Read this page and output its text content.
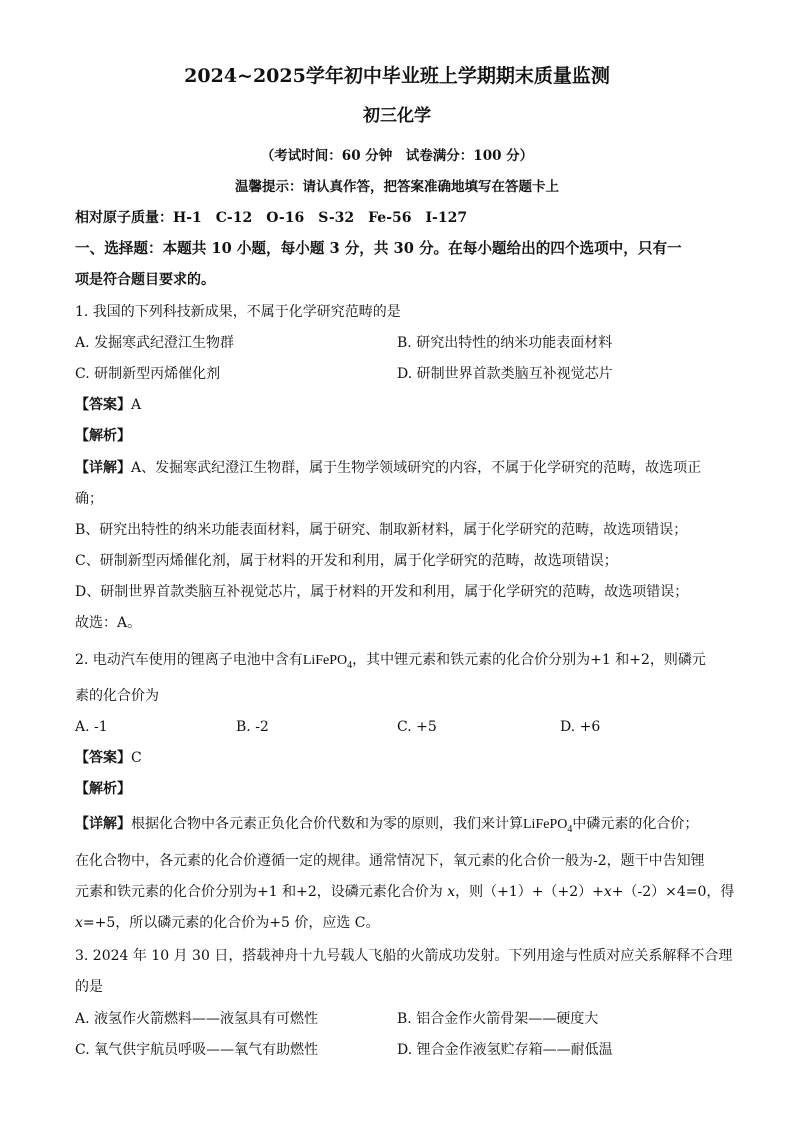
2024~2025学年初中毕业班上学期期末质量监测
初三化学
（考试时间：60 分钟　试卷满分：100 分）
温馨提示：请认真作答，把答案准确地填写在答题卡上
相对原子质量：H-1　C-12　O-16　S-32　Fe-56　I-127
一、选择题：本题共 10 小题，每小题 3 分，共 30 分。在每小题给出的四个选项中，只有一
项是符合题目要求的。
1. 我国的下列科技新成果，不属于化学研究范畴的是
A. 发掘寒武纪澄江生物群	B. 研究出特性的纳米功能表面材料
C. 研制新型丙烯催化剂	D. 研制世界首款类脑互补视觉芯片
【答案】A
【解析】
【详解】A、发掘寒武纪澄江生物群，属于生物学领域研究的内容，不属于化学研究的范畴，故选项正
确；
B、研究出特性的纳米功能表面材料，属于研究、制取新材料，属于化学研究的范畴，故选项错误；
C、研制新型丙烯催化剂，属于材料的开发和利用，属于化学研究的范畴，故选项错误；
D、研制世界首款类脑互补视觉芯片，属于材料的开发和利用，属于化学研究的范畴，故选项错误；
故选：A。
2. 电动汽车使用的锂离子电池中含有LiFePO$_4$，其中锂元素和铁元素的化合价分别为+1 和+2，则磷元
素的化合价为
A. -1	B. -2	C. +5	D. +6
【答案】C
【解析】
【详解】根据化合物中各元素正负化合价代数和为零的原则，我们来计算LiFePO$_4$中磷元素的化合价；
在化合物中，各元素的化合价遵循一定的规律。通常情况下，氧元素的化合价一般为-2，题干中告知锂
元素和铁元素的化合价分别为+1 和+2，设磷元素化合价为 x，则（+1）+（+2）+x+（-2）×4=0，得
x=+5，所以磷元素的化合价为+5 价，应选 C。
3. 2024 年 10 月 30 日，搭载神舟十九号载人飞船的火箭成功发射。下列用途与性质对应关系解释不合理
的是
A. 液氢作火箭燃料——液氢具有可燃性	B. 铝合金作火箭骨架——硬度大
C. 氧气供宇航员呼吸——氧气有助燃性	D. 锂合金作液氢贮存箱——耐低温
